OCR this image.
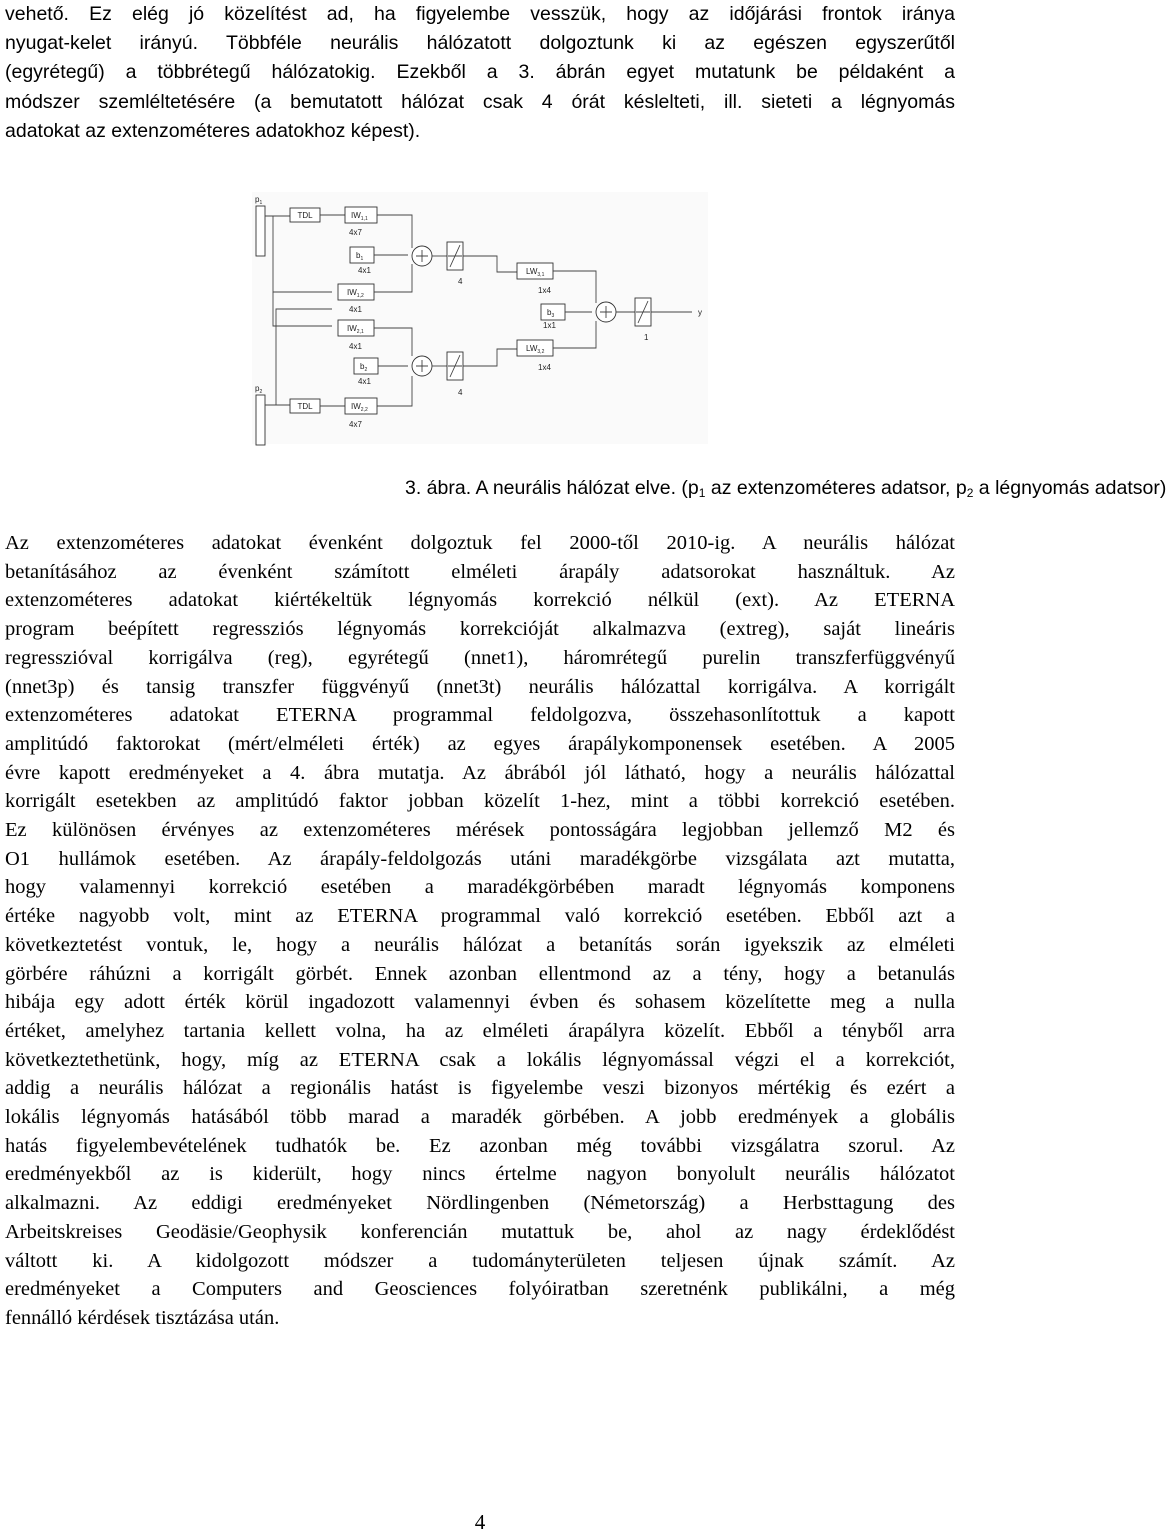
vehető. Ez elég jó közelítést ad, ha figyelembe vesszük, hogy az időjárási frontok iránya
nyugat-kelet irányú. Többféle neurális hálózatott dolgoztunk ki az egészen egyszerűtől
(egyrétegű) a többrétegű hálózatokig. Ezekből a 3. ábrán egyet mutatunk be példaként a
módszer szemléltetésére (a bemutatott hálózat csak 4 órát késlelteti, ill. sieteti a légnyomás
adatokat az extenzométeres adatokhoz képest).
$p_1$
$p_2$
TDL
TDL
$IW_{1,1}$
4x7
$b_1$
4x1
$IW_{1,2}$
4x1
$IW_{2,1}$
4x1
$b_2$
4x1
$IW_{2,2}$
4x7
4
4
$LW_{3,1}$
1x4
$b_3$
1x1
$LW_{3,2}$
1x4
1
y
3. ábra. A neurális hálózat elve. ($p_1$ az extenzométeres adatsor, $p_2$ a légnyomás adatsor)
Az extenzométeres adatokat évenként dolgoztuk fel 2000-től 2010-ig. A neurális hálózat
betanításához az évenként számított elméleti árapály adatsorokat használtuk. Az
extenzométeres adatokat kiértékeltük légnyomás korrekció nélkül (ext). Az ETERNA
program beépített regressziós légnyomás korrekcióját alkalmazva (extreg), saját lineáris
regresszióval korrigálva (reg), egyrétegű (nnet1), háromrétegű purelin transzferfüggvényű
(nnet3p) és tansig transzfer függvényű (nnet3t) neurális hálózattal korrigálva. A korrigált
extenzométeres adatokat ETERNA programmal feldolgozva, összehasonlítottuk a kapott
amplitúdó faktorokat (mért/elméleti érték) az egyes árapálykomponensek esetében. A 2005
évre kapott eredményeket a 4. ábra mutatja. Az ábrából jól látható, hogy a neurális hálózattal
korrigált esetekben az amplitúdó faktor jobban közelít 1-hez, mint a többi korrekció esetében.
Ez különösen érvényes az extenzométeres mérések pontosságára legjobban jellemző M2 és
O1 hullámok esetében. Az árapály-feldolgozás utáni maradékgörbe vizsgálata azt mutatta,
hogy valamennyi korrekció esetében a maradékgörbében maradt légnyomás komponens
értéke nagyobb volt, mint az ETERNA programmal való korrekció esetében. Ebből azt a
következtetést vontuk, le, hogy a neurális hálózat a betanítás során igyekszik az elméleti
görbére ráhúzni a korrigált görbét. Ennek azonban ellentmond az a tény, hogy a betanulás
hibája egy adott érték körül ingadozott valamennyi évben és sohasem közelítette meg a nulla
értéket, amelyhez tartania kellett volna, ha az elméleti árapályra közelít. Ebből a tényből arra
következtethetünk, hogy, míg az ETERNA csak a lokális légnyomással végzi el a korrekciót,
addig a neurális hálózat a regionális hatást is figyelembe veszi bizonyos mértékig és ezért a
lokális légnyomás hatásából több marad a maradék görbében. A jobb eredmények a globális
hatás figyelembevételének tudhatók be. Ez azonban még további vizsgálatra szorul. Az
eredményekből az is kiderült, hogy nincs értelme nagyon bonyolult neurális hálózatot
alkalmazni. Az eddigi eredményeket Nördlingenben (Németország) a Herbsttagung des
Arbeitskreises Geodäsie/Geophysik konferencián mutattuk be, ahol az nagy érdeklődést
váltott ki. A kidolgozott módszer a tudományterületen teljesen újnak számít. Az
eredményeket a Computers and Geosciences folyóiratban szeretnénk publikálni, a még
fennálló kérdések tisztázása után.
4
